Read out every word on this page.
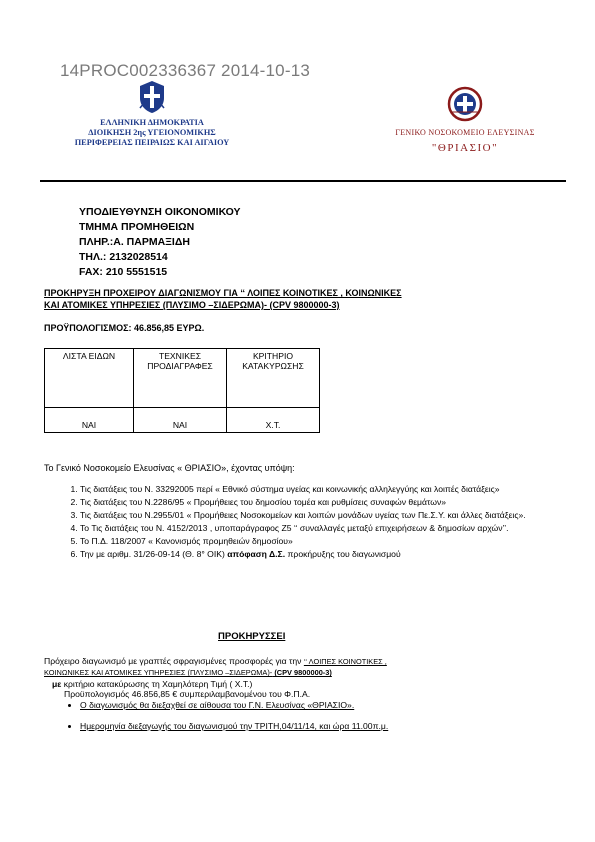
14PROC002336367 2014-10-13
ΕΛΛΗΝΙΚΗ ΔΗΜΟΚΡΑΤΙΑ
ΔΙΟΙΚΗΣΗ 2ης ΥΓΕΙΟΝΟΜΙΚΗΣ
ΠΕΡΙΦΕΡΕΙΑΣ ΠΕΙΡΑΙΩΣ ΚΑΙ ΑΙΓΑΙΟΥ
ΓΕΝΙΚΟ ΝΟΣΟΚΟΜΕΙΟ ΕΛΕΥΣΙΝΑΣ
"ΘΡΙΑΣΙΟ"
ΥΠΟΔΙΕΥΘΥΝΣΗ ΟΙΚΟΝΟΜΙΚΟΥ
ΤΜΗΜΑ ΠΡΟΜΗΘΕΙΩΝ
ΠΛΗΡ.:Α. ΠΑΡΜΑΞΙΔΗ
ΤΗΛ.: 2132028514
FAX: 210 5551515
ΠΡΟΚΗΡΥΞΗ ΠΡΟΧΕΙΡΟΥ ΔΙΑΓΩΝΙΣΜΟΥ ΓΙΑ ‘‘ ΛΟΙΠΕΣ ΚΟΙΝΟΤΙΚΕΣ , ΚΟΙΝΩΝΙΚΕΣ
ΚΑΙ ΑΤΟΜΙΚΕΣ ΥΠΗΡΕΣΙΕΣ (ΠΛΥΣΙΜΟ –ΣΙΔΕΡΩΜΑ)- (CPV 9800000-3)
ΠΡΟΫΠΟΛΟΓΙΣΜΟΣ: 46.856,85 ΕΥΡΩ.
ΛΙΣΤΑ ΕΙΔΩΝ	ΤΕΧΝΙΚΕΣ ΠΡΟΔΙΑΓΡΑΦΕΣ	ΚΡΙΤΗΡΙΟ ΚΑΤΑΚΥΡΩΣΗΣ
ΝΑΙ	ΝΑΙ	Χ.Τ.
Το Γενικό Νοσοκομείο Ελευσίνας « ΘΡΙΑΣΙΟ», έχοντας υπόψη:
1. Τις διατάξεις του Ν. 33292005 περί « Εθνικό σύστημα υγείας και κοινωνικής αλληλεγγύης και λοιπές διατάξεις»
2. Τις διατάξεις του Ν.2286/95 « Προμήθειες του δημοσίου τομέα και ρυθμίσεις συναφών θεμάτων»
3. Τις διατάξεις του Ν.2955/01 « Προμήθειες Νοσοκομείων και λοιπών μονάδων υγείας των Πε.Σ.Υ. και άλλες διατάξεις».
4. Το Τις διατάξεις του Ν. 4152/2013 , υποπαράγραφος Ζ5 ‘‘ συναλλαγές μεταξύ επιχειρήσεων & δημοσίων αρχών’’.
5. Το Π.Δ. 118/2007 « Κανονισμός προμηθειών δημοσίου»
6. Την με αριθμ. 31/26-09-14 (Θ. 8° ΟΙΚ) απόφαση Δ.Σ. προκήρυξης του διαγωνισμού
ΠΡΟΚΗΡΥΣΣΕΙ
Πρόχειρο διαγωνισμό με γραπτές σφραγισμένες προσφορές για την ‘‘ ΛΟΙΠΕΣ ΚΟΙΝΟΤΙΚΕΣ ,
ΚΟΙΝΩΝΙΚΕΣ ΚΑΙ ΑΤΟΜΙΚΕΣ ΥΠΗΡΕΣΙΕΣ (ΠΛΥΣΙΜΟ –ΣΙΔΕΡΩΜΑ)- (CPV 9800000-3)
με κριτήριο κατακύρωσης τη Χαμηλότερη Τιμή ( Χ.Τ.)
Προϋπολογισμός 46.856,85 € συμπεριλαμβανομένου του Φ.Π.Α.
• Ο διαγωνισμός θα διεξαχθεί σε αίθουσα του Γ.Ν. Ελευσίνας «ΘΡΙΑΣΙΟ».
• Ημερομηνία διεξαγωγής του διαγωνισμού την ΤΡΙΤΗ,04/11/14, και ώρα 11.00π.μ.
